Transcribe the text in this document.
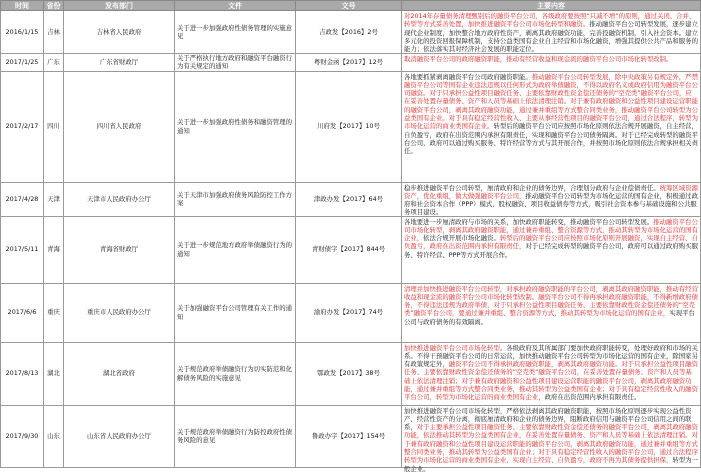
时间	省份	发布部门	文件	文号	主要内容
2016/1/15	吉林	吉林省人民政府	关于进一步加强政府性债务管理的实施意见	吉政发【2016】2号	对2014年存量债务清理甄别后的融资平台公司，各级政府要按照“只减不增”的原则，通过关闭、合并、转型等方式妥善处置，加快推进融资平台公司市场化转型和融资。推动融资平台公司转型发展，逐步建立现代企业制度，加快整合地方政府性资产，剥离其政府融资功能，完善投融资机制，引入社会资本。建立多元化的投资回报保障机制，支持公益类国有企业自主经营和市场化融资，增强其提供公共产品和服务的能力；依法落实其对经济社会发展的职能定位。

2017/1/25	广东	广东省财政厅	关于严格执行地方政府和融资平台融资行为有关规定的通知	粤财金函【2017】12号	取消融资平台公司的政府融资职能，推动有经营收益和现金流的融资平台公司市场化转型改制。

2017/2/17	四川	四川省人民政府	关于进一步加强政府性债务和融资管理的通知	川府发【2017】10号	各地要抓紧剥离融资平台公司政府融资职能。推动融资平台公司转型发展，除中央政策另有规定外，严禁融资平台公司等国有企业违法违规以任何形式为政府举债融资，不得以政府名义或政府信用为融资平台公司融资。对于只承担公益性项目融资任务、主要依靠财政性资金偿还债务的“空壳类”融资平台公司，应在妥善处置存量债务、资产和人员等基础上依法清理注销。对于兼有政府融资和公益性项目建设运营职能的融资平台公司，剥离其政府融资功能，通过兼并重组等方式整合同类业务，推动融资平台公司转型为公益类国有企业。对于具有稳定经营性收入、主要从事经营性项目的融资平台公司，通过合法程序，转型为市场化运营的商业类国有企业。转型后的融资平台公司应按照市场化原则依法合规开展融资，自主经营，自负盈亏，政府在出资范围内承担有限责任，实现和融资平台公司债务隔离。对于已经完成转型的融资平台公司，政府可以通过购买服务、特许经营等方式与其开展合作，并按照市场化原则依法合规承担相关责任。

2017/4/28	天津	天津市人民政府办公厅	关于天津市加强政府债务风险防控工作方案	津政办发【2017】64号	稳步推进融资平台公司转型，厘清政府和企业的债务边界，合理划分政府与企业偿债责任。统筹区域资源资产，优化重组，做大做强融资平台公司，推动融资平台公司转型为市场化运营的国有企业，积极通过政府和社会资本合作（PPP）模式、股权融资、项目收益债券等方式，吸引社会资本参与基础设施和公共服务项目建设。

2017/5/11	青海	青海省财政厅	关于进一步规范地方政府举债融资行为的通知	青财债字【2017】844号	各地要进一步厘清政府与市场的关系，加快政府职能转变，推动融资平台公司转型发展。推动融资平台公司市场化转型，剥离其政府融资职能，通过兼并重组、整合资源等方式，推动其转型为市场化运营的国有企业，依法合规开展市场化融资。转型后的融资平台公司应按照市场化原则开展融资，实现自主经营、自负盈亏，政府在出资范围内承担有限责任，对于已经完成转型的融资平台公司，政府可以通过政府购买服务、特许经营、PPP等方式开展合作。

2017/6/6	重庆	重庆市人民政府办公厅	关于加强融资平台公司管理有关工作的通知	渝府办发【2017】74号	清理并加快推进融资平台公司转型，对承担政府融资职能的平台公司，剥离其政府融资职能，推动有经营收益和现金流的融资平台公司市场化转型改制。融资平台公司不得再承担政府融资职能，不得新增政府债务，不得违法违规为政府举债，对于只承担公益性项目融资任务、主要依靠财政性资金偿还债务的“空壳类”融资平台公司，要通过兼并重组、整合资源等方式，推动其转型为市场化运营的国有企业，实现平台公司与政府债务的有效隔离。

2017/8/13	湖北	湖北省政府	关于规范政府举债融资行为切实防范和化解债务风险的实施意见	鄂政发【2017】38号	加快推进融资平台公司市场化转型。各级政府及其所属部门要加快政府职能转变，处理好政府和市场的关系。不得干预融资平台公司的日常运营，加快推动融资平台公司转型为市场化运营的国有企业，除国家另有政策规定外，融资平台公司不得承担政府融资职能，剥离其政府融资功能。对于只承担公益性项目融资任务、主要依靠财政性资金偿还债务的“空壳类”融资平台公司，在妥善处置存量债务、资产和人员等基础上依法清理注销；对于兼有政府融资和公益性项目建设运营职能的融资平台公司，剥离其政府融资功能，通过兼并重组等方式整合同类业务，推动其转型为公益类国有企业；对于具有稳定经营性收入的融资平台公司，转型为市场化运营的商业类国有企业，政府在出资范围内承担有限责任。

2017/9/30	山东	山东省人民政府办公厅	关于规范政府举债融资行为防控政府性债务风险的意见	鲁政办字【2017】154号	加快推进融资平台公司市场化转型，严格依法剥离其政府融资职能，按照市场化原则逐步实现公益性资产、经营性资产的分离，彻底厘清政府和企业的债务边界，阻断政府信用与融资平台公司信用之间的联系，对于主要承担公益性项目融资任务、主要依靠财政性资金偿还债务的融资平台公司，剥离其政府融资功能，依法推动其转型为公益类国有企业，在妥善处置存量债务、资产和人员等基础上依法清理注销。对于兼有政府融资和公益性项目建设运营职能的融资平台公司，剥离其政府融资功能，通过兼并重组等方式整合同类业务，推动其转型为公益类国有企业；对于具有稳定经营性收入的融资平台公司，通过合法程序转型为市场化运营的商业类国有企业，实现自主经营、自负盈亏，政府不再为其债务提供担保，转型为一般企业。
